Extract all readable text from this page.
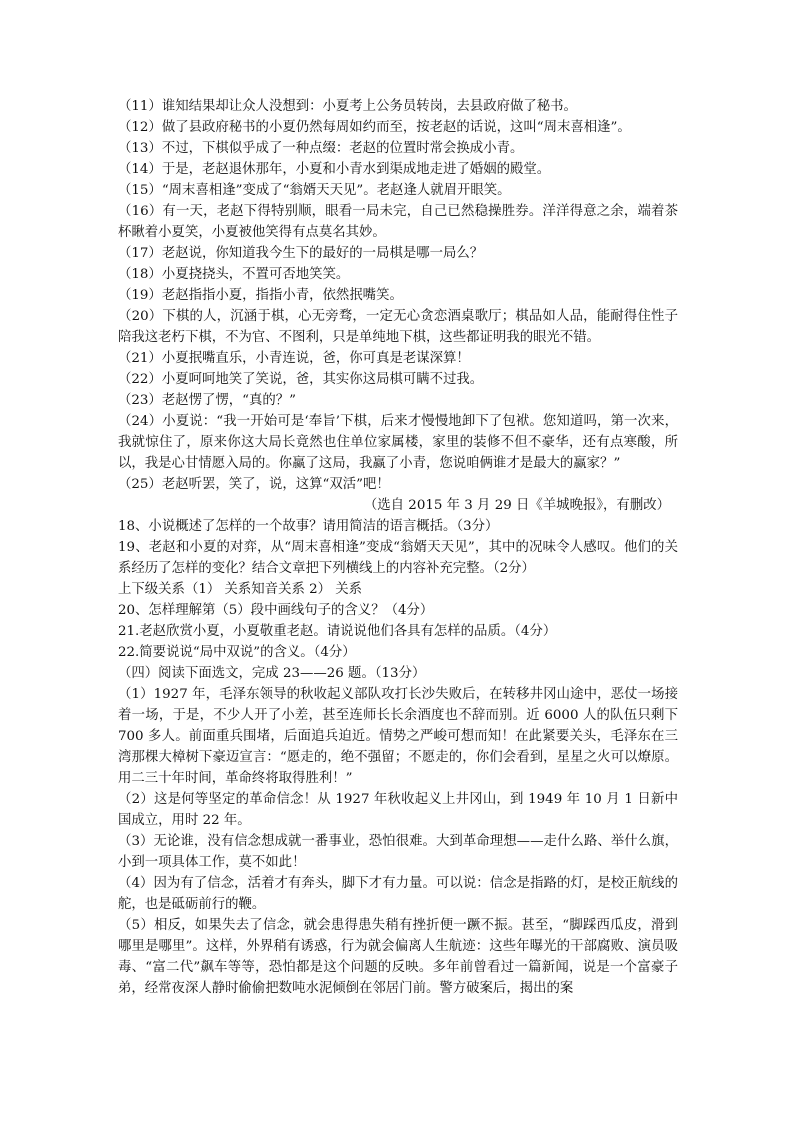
（11）谁知结果却让众人没想到：小夏考上公务员转岗，去县政府做了秘书。
（12）做了县政府秘书的小夏仍然每周如约而至，按老赵的话说，这叫“周末喜相逢”。
（13）不过，下棋似乎成了一种点缀：老赵的位置时常会换成小青。
（14）于是，老赵退休那年，小夏和小青水到渠成地走进了婚姻的殿堂。
（15）“周末喜相逢”变成了“翁婿天天见”。老赵逢人就眉开眼笑。
（16）有一天，老赵下得特别顺，眼看一局未完，自己已然稳操胜券。洋洋得意之余，端着茶杯瞅着小夏笑，小夏被他笑得有点莫名其妙。
（17）老赵说，你知道我今生下的最好的一局棋是哪一局么？
（18）小夏挠挠头，不置可否地笑笑。
（19）老赵指指小夏，指指小青，依然抿嘴笑。
（20）下棋的人，沉涵于棋，心无旁骛，一定无心贪恋酒桌歌厅；棋品如人品，能耐得住性子陪我这老朽下棋，不为官、不图利，只是单纯地下棋，这些都证明我的眼光不错。
（21）小夏抿嘴直乐，小青连说，爸，你可真是老谋深算！
（22）小夏呵呵地笑了笑说，爸，其实你这局棋可瞒不过我。
（23）老赵愣了愣，“真的？”
（24）小夏说：“我一开始可是‘奉旨’下棋，后来才慢慢地卸下了包袱。您知道吗，第一次来，我就惊住了，原来你这大局长竟然也住单位家属楼，家里的装修不但不豪华，还有点寒酸，所以，我是心甘情愿入局的。你赢了这局，我赢了小青，您说咱俩谁才是最大的赢家？”
（25）老赵听罢，笑了，说，这算“双活”吧！
（选自 2015 年 3 月 29 日《羊城晚报》，有删改）
18、小说概述了怎样的一个故事？请用简洁的语言概括。（3分）
19、老赵和小夏的对弈，从“周末喜相逢”变成“翁婿天天见”，其中的况味令人感叹。他们的关系经历了怎样的变化？结合文章把下列横线上的内容补充完整。（2分）
上下级关系（1） 关系知音关系 2） 关系
20、怎样理解第（5）段中画线句子的含义？（4分）
21.老赵欣赏小夏，小夏敬重老赵。请说说他们各具有怎样的品质。（4分）
22.简要说说“局中双说”的含义。（4分）
（四）阅读下面选文，完成 23——26 题。（13分）
（1）1927 年，毛泽东领导的秋收起义部队攻打长沙失败后，在转移井冈山途中，恶仗一场接着一场，于是，不少人开了小差，甚至连师长长余酒度也不辞而别。近 6000 人的队伍只剩下 700 多人。前面重兵围堵，后面追兵迫近。情势之严峻可想而知！在此紧要关头，毛泽东在三湾那棵大樟树下豪迈宣言：“愿走的，绝不强留；不愿走的，你们会看到，星星之火可以燎原。用二三十年时间，革命终将取得胜利！”
（2）这是何等坚定的革命信念！从 1927 年秋收起义上井冈山，到 1949 年 10 月 1 日新中国成立，用时 22 年。
（3）无论谁，没有信念想成就一番事业，恐怕很难。大到革命理想——走什么路、举什么旗，小到一项具体工作，莫不如此！
（4）因为有了信念，活着才有奔头，脚下才有力量。可以说：信念是指路的灯，是校正航线的舵，也是砥砺前行的鞭。
（5）相反，如果失去了信念，就会患得患失稍有挫折便一蹶不振。甚至，“脚踩西瓜皮，滑到哪里是哪里”。这样，外界稍有诱惑，行为就会偏离人生航迹：这些年曝光的干部腐败、演员吸毒、“富二代”飙车等等，恐怕都是这个问题的反映。多年前曾看过一篇新闻，说是一个富豪子弟，经常夜深人静时偷偷把数吨水泥倾倒在邻居门前。警方破案后，揭出的案
